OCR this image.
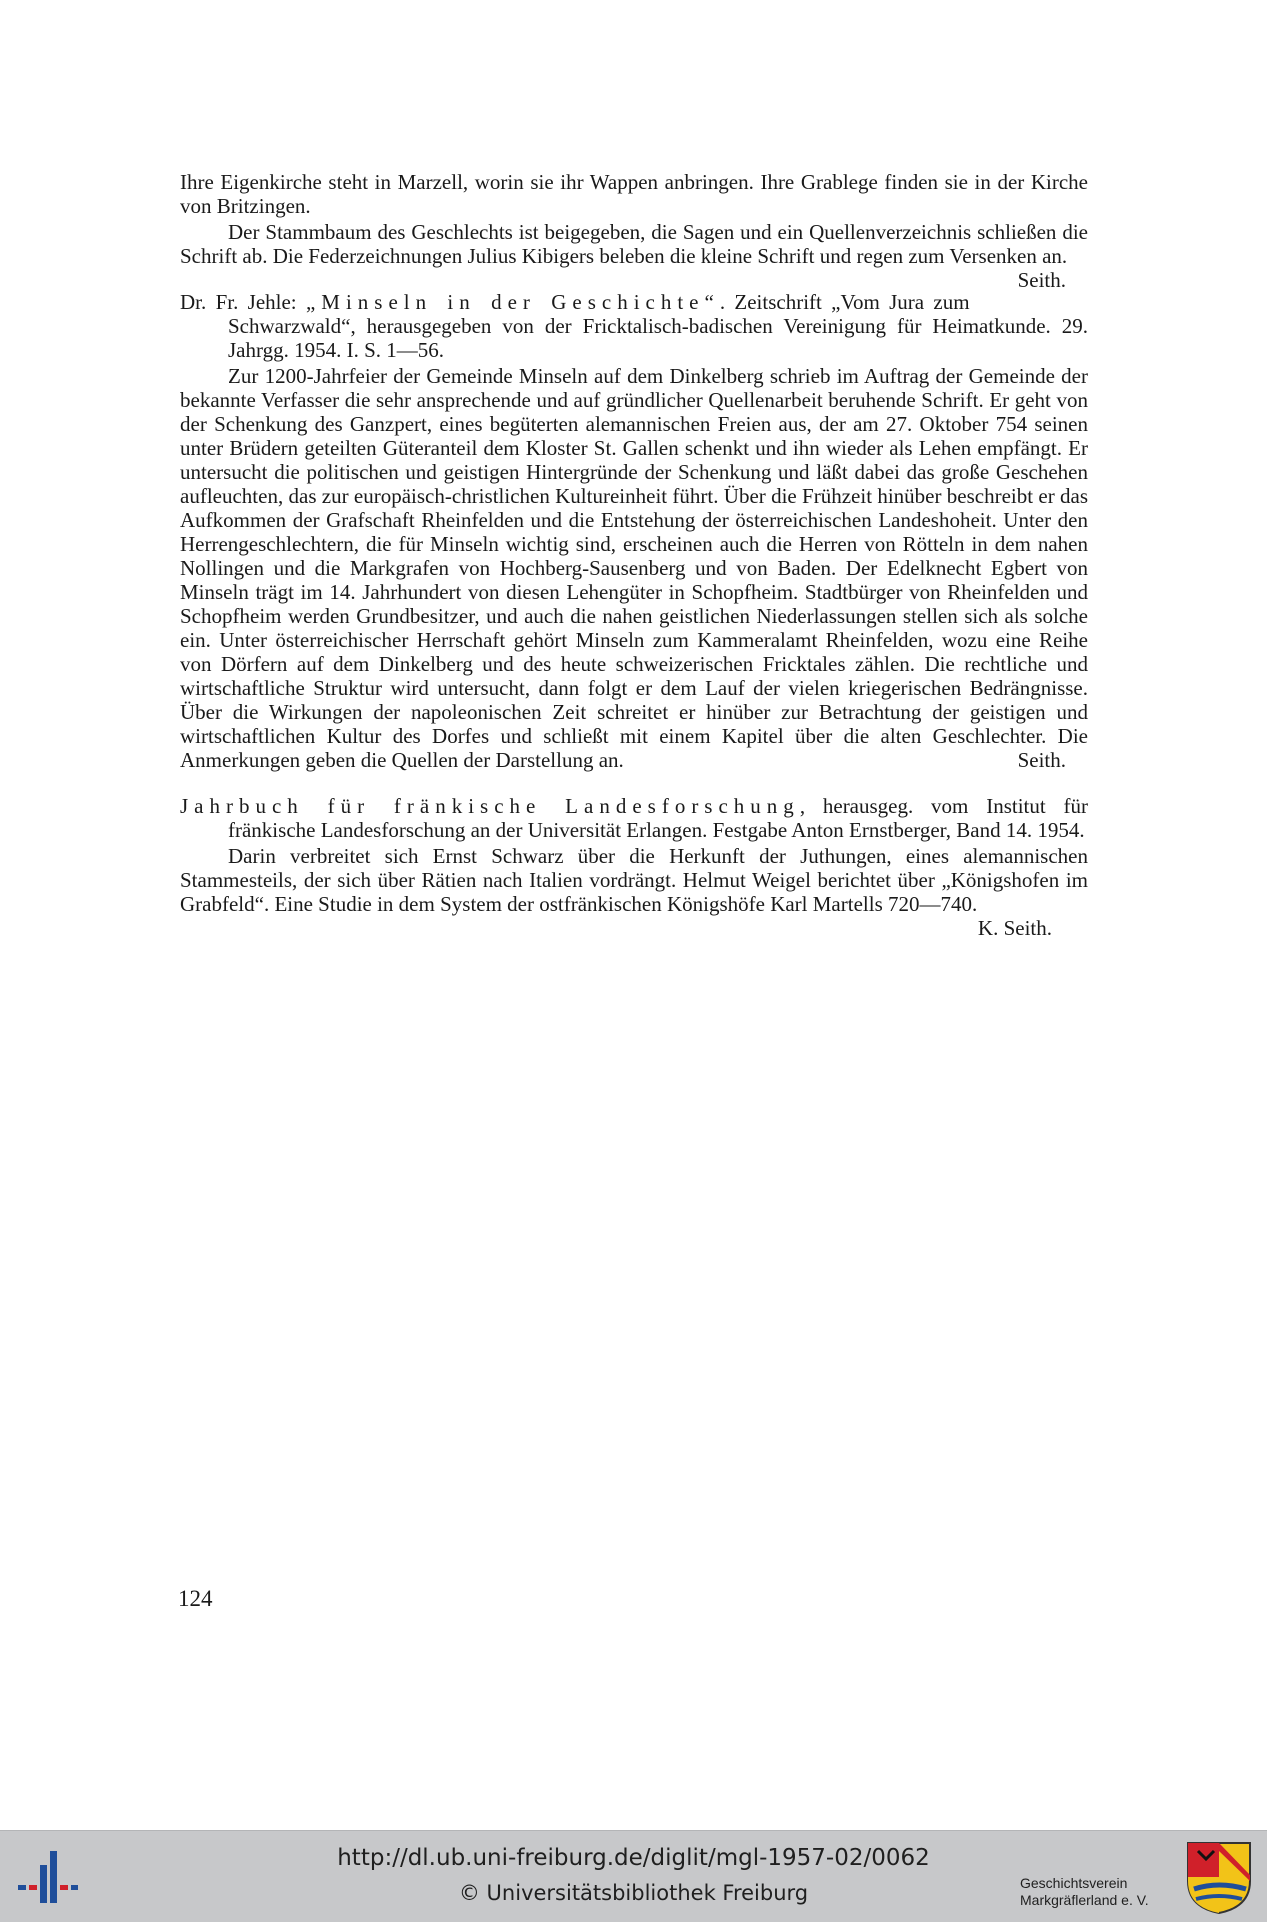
Ihre Eigenkirche steht in Marzell, worin sie ihr Wappen anbringen. Ihre Grablege finden sie in der Kirche von Britzingen.

Der Stammbaum des Geschlechts ist beigegeben, die Sagen und ein Quellenverzeichnis schließen die Schrift ab. Die Federzeichnungen Julius Kibigers beleben die kleine Schrift und regen zum Versenken an.
Seith.

Dr. Fr. Jehle: „Minseln in der Geschichte“. Zeitschrift „Vom Jura zum Schwarzwald“, herausgegeben von der Fricktalisch-badischen Vereinigung für Heimatkunde. 29. Jahrgg. 1954. I. S. 1—56.

Zur 1200-Jahrfeier der Gemeinde Minseln auf dem Dinkelberg schrieb im Auftrag der Gemeinde der bekannte Verfasser die sehr ansprechende und auf gründlicher Quellenarbeit beruhende Schrift. Er geht von der Schenkung des Ganzpert, eines begüterten alemannischen Freien aus, der am 27. Oktober 754 seinen unter Brüdern geteilten Güteranteil dem Kloster St. Gallen schenkt und ihn wieder als Lehen empfängt. Er untersucht die politischen und geistigen Hintergründe der Schenkung und läßt dabei das große Geschehen aufleuchten, das zur europäisch-christlichen Kultureinheit führt. Über die Frühzeit hinüber beschreibt er das Aufkommen der Grafschaft Rheinfelden und die Entstehung der österreichischen Landeshoheit. Unter den Herrengeschlechtern, die für Minseln wichtig sind, erscheinen auch die Herren von Rötteln in dem nahen Nollingen und die Markgrafen von Hochberg-Sausenberg und von Baden. Der Edelknecht Egbert von Minseln trägt im 14. Jahrhundert von diesen Lehengüter in Schopfheim. Stadtbürger von Rheinfelden und Schopfheim werden Grundbesitzer, und auch die nahen geistlichen Niederlassungen stellen sich als solche ein. Unter österreichischer Herrschaft gehört Minseln zum Kammeralamt Rheinfelden, wozu eine Reihe von Dörfern auf dem Dinkelberg und des heute schweizerischen Fricktales zählen. Die rechtliche und wirtschaftliche Struktur wird untersucht, dann folgt er dem Lauf der vielen kriegerischen Bedrängnisse. Über die Wirkungen der napoleonischen Zeit schreitet er hinüber zur Betrachtung der geistigen und wirtschaftlichen Kultur des Dorfes und schließt mit einem Kapitel über die alten Geschlechter. Die Anmerkungen geben die Quellen der Darstellung an.	Seith.

Jahrbuch für fränkische Landesforschung, herausgeg. vom Institut für fränkische Landesforschung an der Universität Erlangen. Festgabe Anton Ernstberger, Band 14. 1954.

Darin verbreitet sich Ernst Schwarz über die Herkunft der Juthungen, eines alemannischen Stammesteils, der sich über Rätien nach Italien vordrängt. Helmut Weigel berichtet über „Königshofen im Grabfeld“. Eine Studie in dem System der ostfränkischen Königshöfe Karl Martells 720—740.
K. Seith.

124
http://dl.ub.uni-freiburg.de/diglit/mgl-1957-02/0062
© Universitätsbibliothek Freiburg	Geschichtsverein
Markgräflerland e. V.
